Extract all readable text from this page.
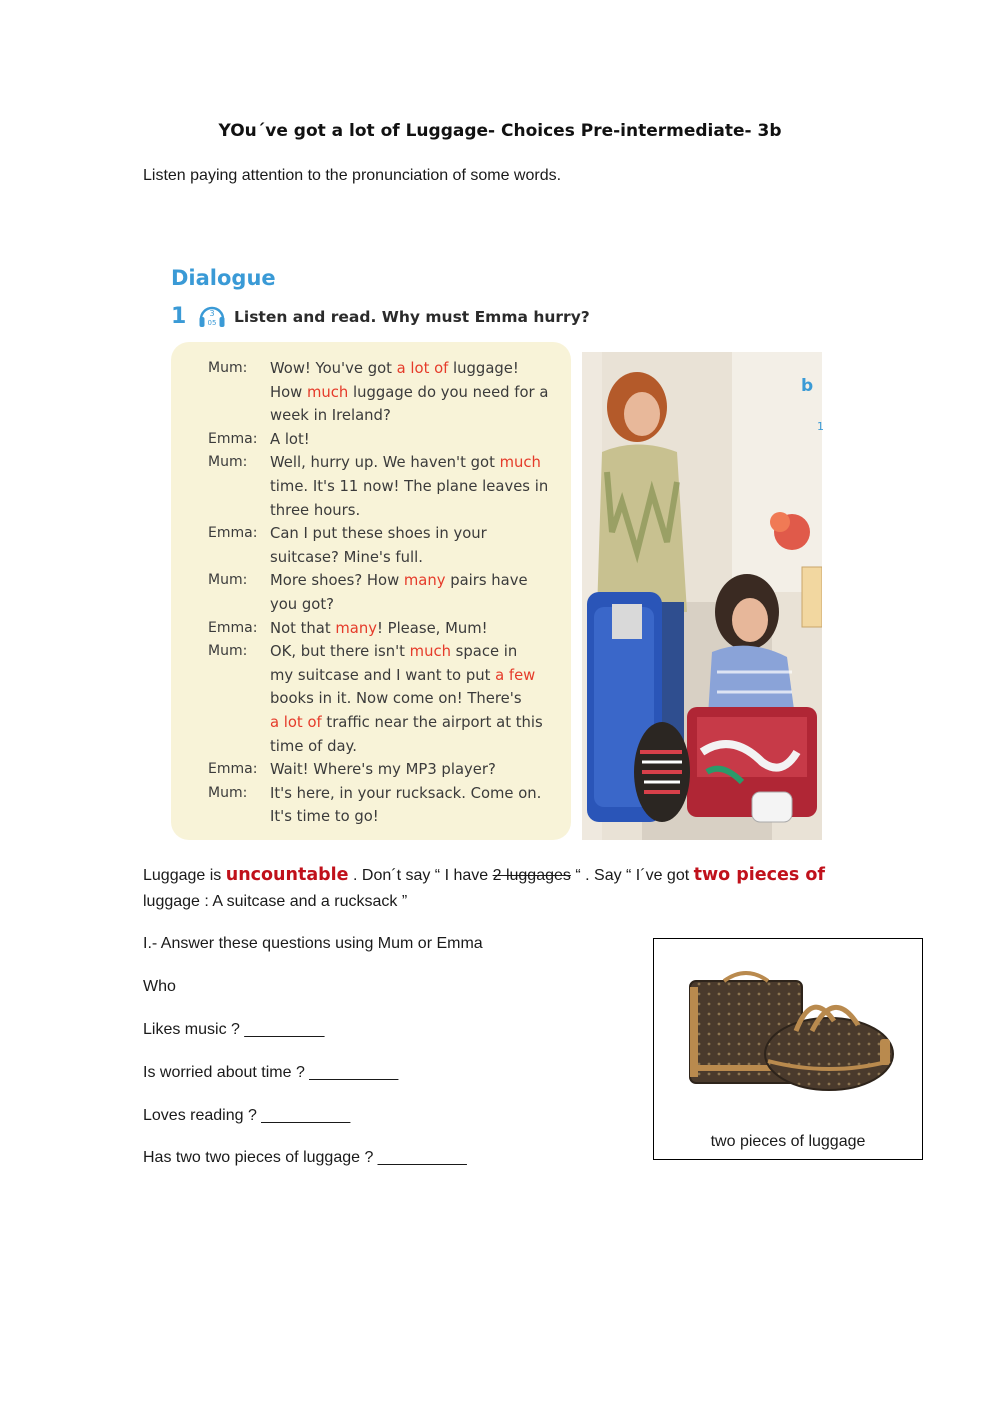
YOu´ve got a lot of Luggage- Choices Pre-intermediate- 3b
Listen paying attention to the pronunciation of some words.
Dialogue
1	3
05 Listen and read. Why must Emma hurry?
Mum: Wow! You've got a lot of luggage!
How much luggage do you need for a
week in Ireland?
Emma: A lot!
Mum: Well, hurry up. We haven't got much
time. It's 11 now! The plane leaves in
three hours.
Emma: Can I put these shoes in your
suitcase? Mine's full.
Mum: More shoes? How many pairs have
you got?
Emma: Not that many! Please, Mum!
Mum: OK, but there isn't much space in
my suitcase and I want to put a few
books in it. Now come on! There's
a lot of traffic near the airport at this
time of day.
Emma: Wait! Where's my MP3 player?
Mum: It's here, in your rucksack. Come on.
It's time to go!
b
1
Luggage is uncountable . Don´t say “ I have 2 luggages “ . Say “ I´ve got two pieces of
luggage : A suitcase and a rucksack ”
I.- Answer these questions using Mum or Emma
Who
Likes music ? _________
Is worried about time ? __________
Loves reading ? __________
Has two two pieces of luggage ? __________
two pieces of luggage
